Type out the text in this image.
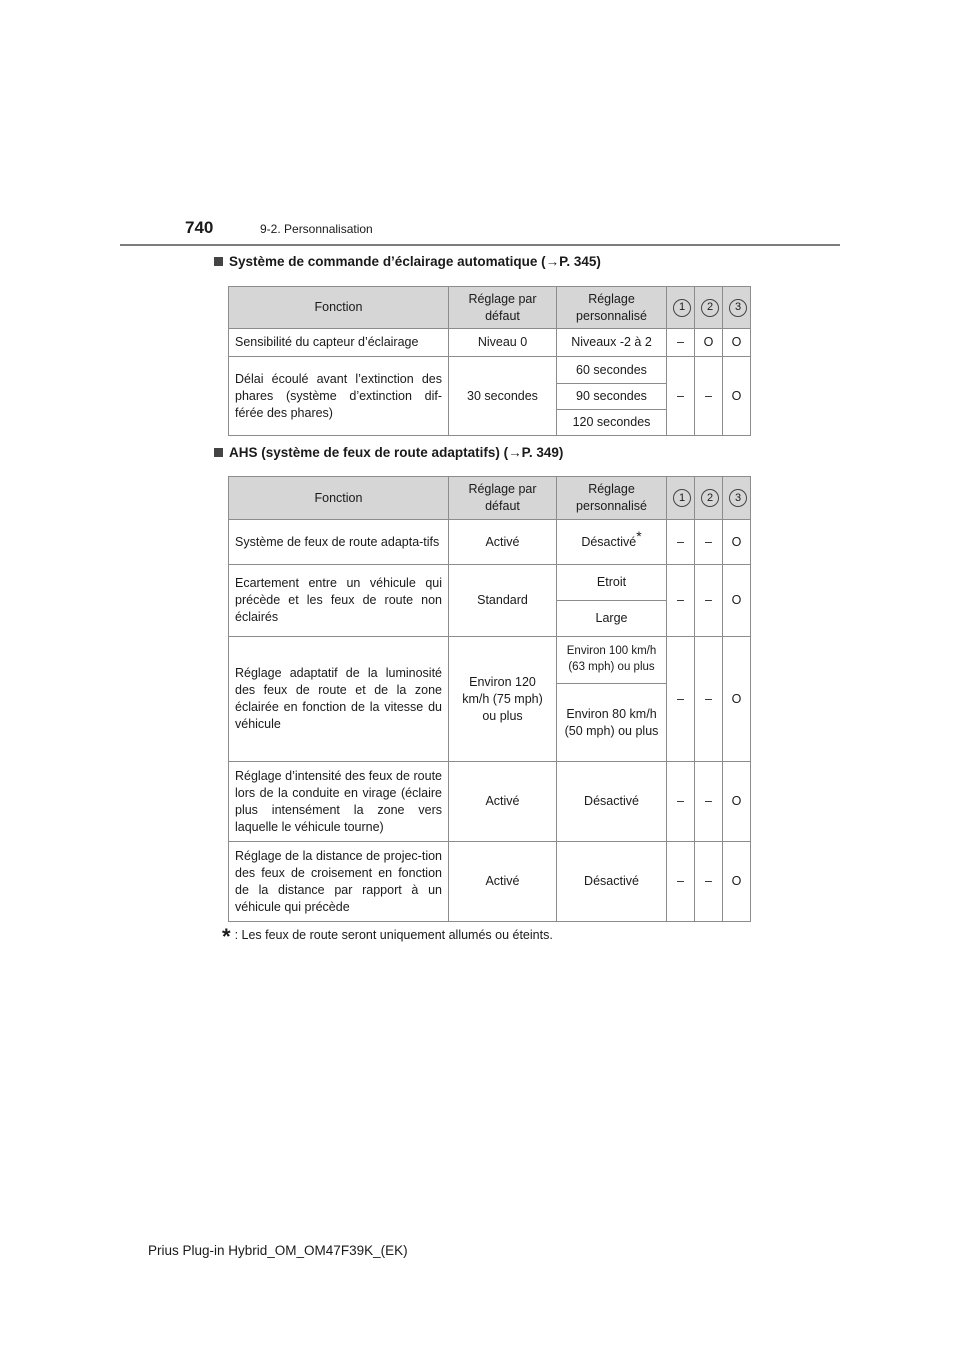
740	9-2. Personnalisation
Système de commande d’éclairage automatique (→P. 345)
Fonction	Réglage par défaut	Réglage personnalisé	1	2	3
Sensibilité du capteur d’éclairage	Niveau 0	Niveaux -2 à 2	–	O	O
Délai écoulé avant l’extinction des phares (système d’extinction dif-férée des phares)	30 secondes	60 secondes	–	–	O
		90 secondes			
		120 secondes			
AHS (système de feux de route adaptatifs) (→P. 349)
Fonction	Réglage par défaut	Réglage personnalisé	1	2	3
Système de feux de route adapta-tifs	Activé	Désactivé*	–	–	O
Ecartement entre un véhicule qui précède et les feux de route non éclairés	Standard	Etroit	–	–	O
		Large			
Réglage adaptatif de la luminosité des feux de route et de la zone éclairée en fonction de la vitesse du véhicule	Environ 120 km/h (75 mph) ou plus	Environ 100 km/h (63 mph) ou plus	–	–	O
		Environ 80 km/h (50 mph) ou plus			
Réglage d’intensité des feux de route lors de la conduite en virage (éclaire plus intensément la zone vers laquelle le véhicule tourne)	Activé	Désactivé	–	–	O
Réglage de la distance de projec-tion des feux de croisement en fonction de la distance par rapport à un véhicule qui précède	Activé	Désactivé	–	–	O
* : Les feux de route seront uniquement allumés ou éteints.
Prius Plug-in Hybrid_OM_OM47F39K_(EK)
